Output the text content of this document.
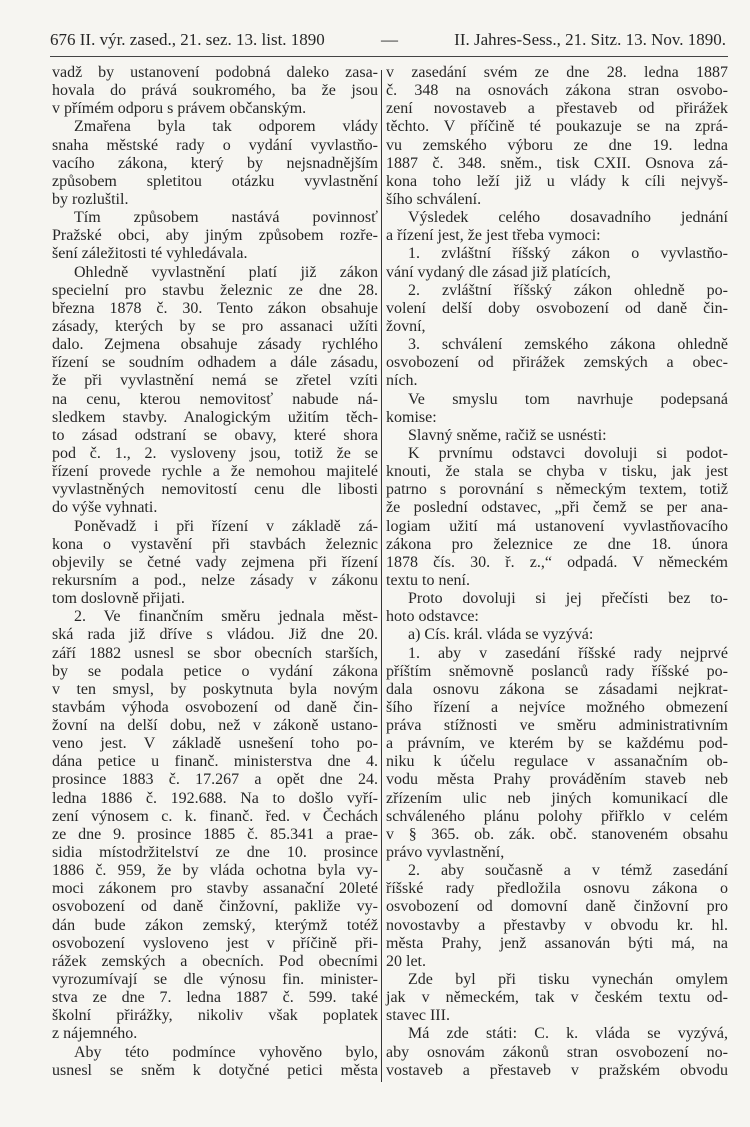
676 II. výr. zased., 21. sez. 13. list. 1890	—	II. Jahres-Sess., 21. Sitz. 13. Nov. 1890.
vadž by ustanovení podobná daleko zasa-
hovala do prává soukromého, ba že jsou
v přímém odporu s právem občanským.
Zmařena byla tak odporem vlády
snaha městské rady o vydání vyvlastňo-
vacího zákona, který by nejsnadnějším
způsobem spletitou otázku vyvlastnění
by rozluštil.
Tím způsobem nastává povinnosť
Pražské obci, aby jiným způsobem rozře-
šení záležitosti té vyhledávala.
Ohledně vyvlastnění platí již zákon
specielní pro stavbu železnic ze dne 28.
března 1878 č. 30. Tento zákon obsahuje
zásady, kterých by se pro assanaci užíti
dalo. Zejmena obsahuje zásady rychlého
řízení se soudním odhadem a dále zásadu,
že při vyvlastnění nemá se zřetel vzíti
na cenu, kterou nemovitosť nabude ná-
sledkem stavby. Analogickým užitím těch-
to zásad odstraní se obavy, které shora
pod č. 1., 2. vysloveny jsou, totiž že se
řízení provede rychle a že nemohou majitelé
vyvlastněných nemovitostí cenu dle libosti
do výše vyhnati.
Poněvadž i při řízení v základě zá-
kona o vystavění při stavbách železnic
objevily se četné vady zejmena při řízení
rekursním a pod., nelze zásady v zákonu
tom doslovně přijati.
2. Ve finančním směru jednala měst-
ská rada již dříve s vládou. Již dne 20.
září 1882 usnesl se sbor obecních starších,
by se podala petice o vydání zákona
v ten smysl, by poskytnuta byla novým
stavbám výhoda osvobození od daně čin-
žovní na delší dobu, než v zákoně ustano-
veno jest. V základě usnešení toho po-
dána petice u finanč. ministerstva dne 4.
prosince 1883 č. 17.267 a opět dne 24.
ledna 1886 č. 192.688. Na to došlo vyří-
zení výnosem c. k. finanč. řed. v Čechách
ze dne 9. prosince 1885 č. 85.341 a prae-
sidia místodržitelství ze dne 10. prosince
1886 č. 959, že by vláda ochotna byla vy-
moci zákonem pro stavby assanační 20leté
osvobození od daně činžovní, pakliže vy-
dán bude zákon zemský, kterýmž totéž
osvobození vysloveno jest v příčině při-
rážek zemských a obecních. Pod obecními
vyrozumívají se dle výnosu fin. minister-
stva ze dne 7. ledna 1887 č. 599. také
školní přirážky, nikoliv však poplatek
z nájemného.
Aby této podmínce vyhověno bylo,
usnesl se sněm k dotyčné petici města
v zasedání svém ze dne 28. ledna 1887
č. 348 na osnovách zákona stran osvobo-
zení novostaveb a přestaveb od přirážek
těchto. V příčině té poukazuje se na zprá-
vu zemského výboru ze dne 19. ledna
1887 č. 348. sněm., tisk CXII. Osnova zá-
kona toho leží již u vlády k cíli nejvyš-
šího schválení.
Výsledek celého dosavadního jednání
a řízení jest, že jest třeba vymoci:
1. zvláštní říšský zákon o vyvlastňo-
vání vydaný dle zásad již platících,
2. zvláštní říšský zákon ohledně po-
volení delší doby osvobození od daně čin-
žovní,
3. schválení zemského zákona ohledně
osvobození od přirážek zemských a obec-
ních.
Ve smyslu tom navrhuje podepsaná
komise:
Slavný sněme, račiž se usnésti:
K prvnímu odstavci dovoluji si podot-
knouti, že stala se chyba v tisku, jak jest
patrno s porovnání s německým textem, totiž
že poslední odstavec, „při čemž se per ana-
logiam užití má ustanovení vyvlastňovacího
zákona pro železnice ze dne 18. února
1878 čís. 30. ř. z.,“ odpadá. V německém
textu to není.
Proto dovoluji si jej přečísti bez to-
hoto odstavce:
a) Cís. král. vláda se vyzývá:
1. aby v zasedání říšské rady nejprvé
příštím sněmovně poslanců rady říšské po-
dala osnovu zákona se zásadami nejkrat-
šího řízení a nejvíce možného obmezení
práva stížnosti ve směru administrativním
a právním, ve kterém by se každému pod-
niku k účelu regulace v assanačním ob-
vodu města Prahy prováděním staveb neb
zřízením ulic neb jiných komunikací dle
schváleného plánu polohy přiřklo v celém
v § 365. ob. zák. obč. stanoveném obsahu
právo vyvlastnění,
2. aby současně a v témž zasedání
říšské rady předložila osnovu zákona o
osvobození od domovní daně činžovní pro
novostavby a přestavby v obvodu kr. hl.
města Prahy, jenž assanován býti má, na
20 let.
Zde byl při tisku vynechán omylem
jak v německém, tak v českém textu od-
stavec III.
Má zde státi: C. k. vláda se vyzývá,
aby osnovám zákonů stran osvobození no-
vostaveb a přestaveb v pražském obvodu
